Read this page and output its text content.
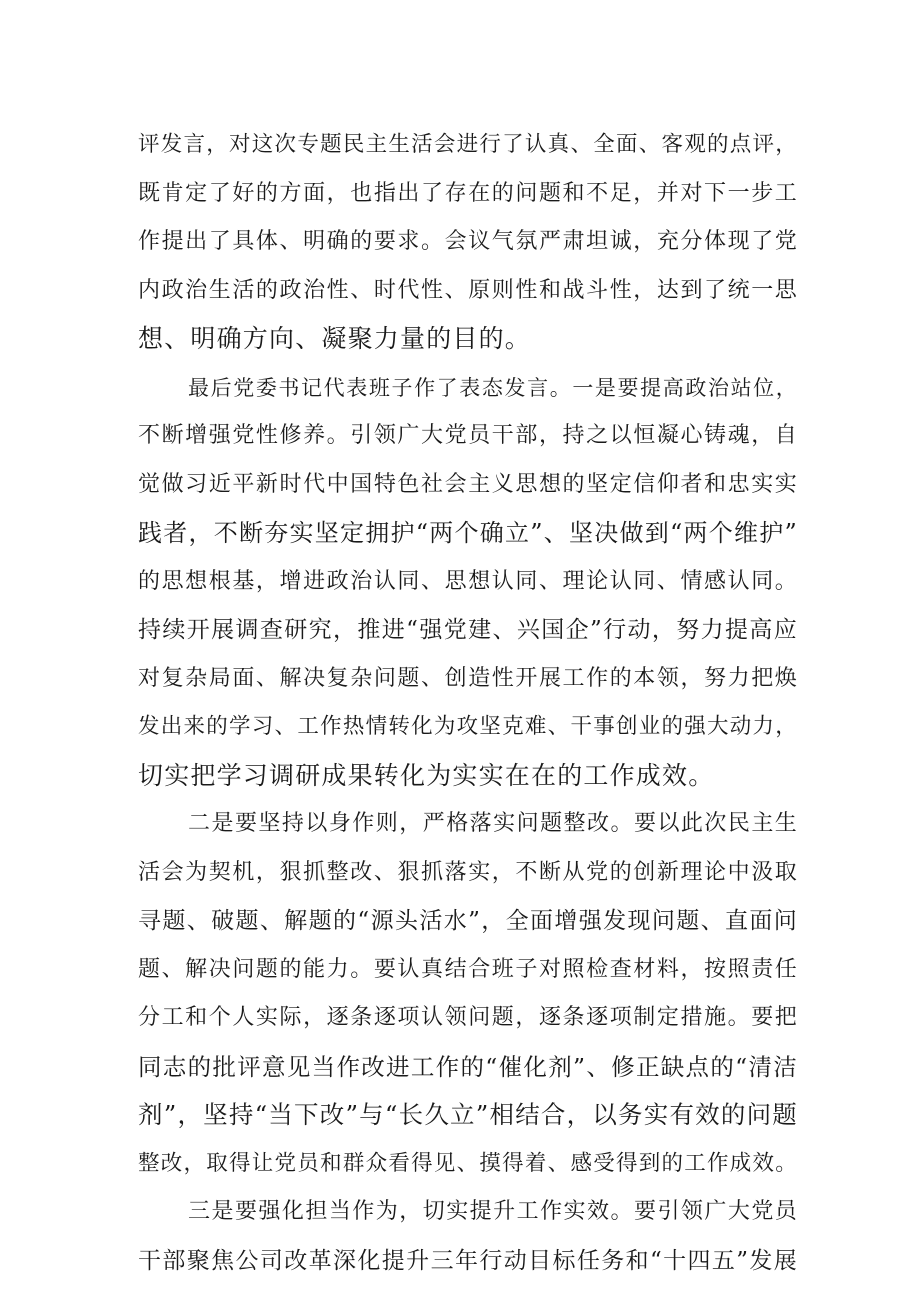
评发言，对这次专题民主生活会进行了认真、全面、客观的点评，
既肯定了好的方面，也指出了存在的问题和不足，并对下一步工
作提出了具体、明确的要求。会议气氛严肃坦诚，充分体现了党
内政治生活的政治性、时代性、原则性和战斗性，达到了统一思
想、明确方向、凝聚力量的目的。
最后党委书记代表班子作了表态发言。一是要提高政治站位，
不断增强党性修养。引领广大党员干部，持之以恒凝心铸魂，自
觉做习近平新时代中国特色社会主义思想的坚定信仰者和忠实实
践者，不断夯实坚定拥护“两个确立”、坚决做到“两个维护”
的思想根基，增进政治认同、思想认同、理论认同、情感认同。
持续开展调查研究，推进“强党建、兴国企”行动，努力提高应
对复杂局面、解决复杂问题、创造性开展工作的本领，努力把焕
发出来的学习、工作热情转化为攻坚克难、干事创业的强大动力，
切实把学习调研成果转化为实实在在的工作成效。
二是要坚持以身作则，严格落实问题整改。要以此次民主生
活会为契机，狠抓整改、狠抓落实，不断从党的创新理论中汲取
寻题、破题、解题的“源头活水”，全面增强发现问题、直面问
题、解决问题的能力。要认真结合班子对照检查材料，按照责任
分工和个人实际，逐条逐项认领问题，逐条逐项制定措施。要把
同志的批评意见当作改进工作的“催化剂”、修正缺点的“清洁
剂”，坚持“当下改”与“长久立”相结合，以务实有效的问题
整改，取得让党员和群众看得见、摸得着、感受得到的工作成效。
三是要强化担当作为，切实提升工作实效。要引领广大党员
干部聚焦公司改革深化提升三年行动目标任务和“十四五”发展
